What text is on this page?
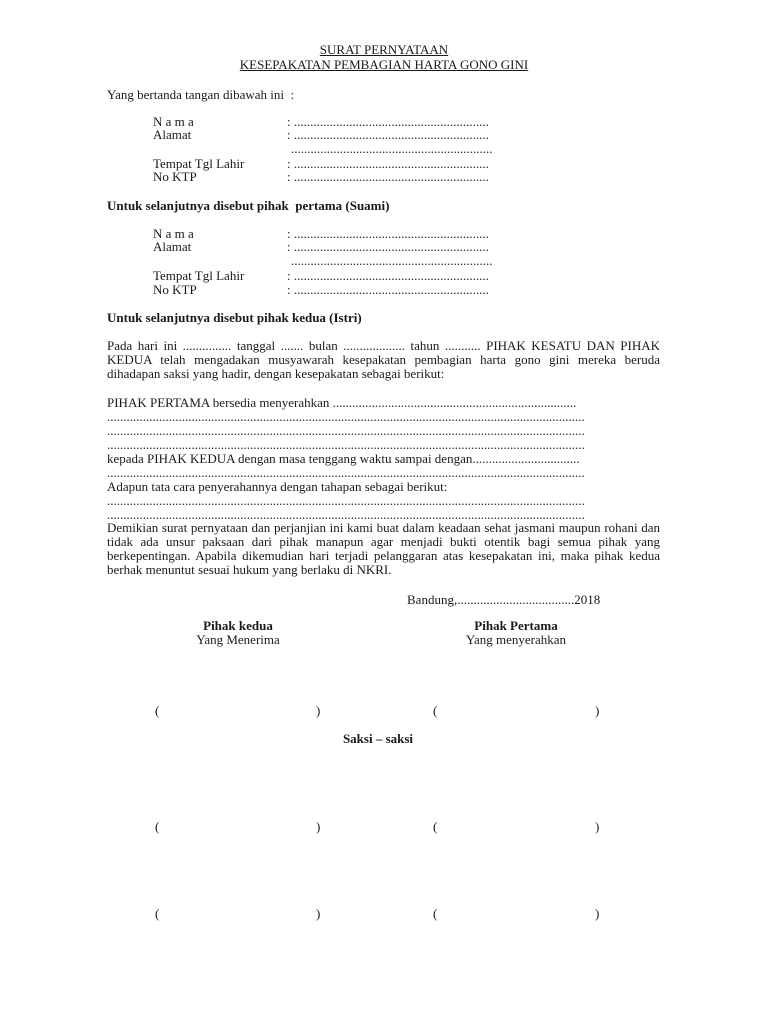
SURAT PERNYATAAN
KESEPAKATAN PEMBAGIAN HARTA GONO GINI
Yang bertanda tangan dibawah ini  :
N a m a	: ............................................................
Alamat	: ............................................................
..............................................................
Tempat Tgl Lahir	: ............................................................
No KTP	: ............................................................
Untuk selanjutnya disebut pihak  pertama (Suami)
N a m a	: ............................................................
Alamat	: ............................................................
..............................................................
Tempat Tgl Lahir	: ............................................................
No KTP	: ............................................................
Untuk selanjutnya disebut pihak kedua (Istri)
Pada hari ini ............... tanggal ....... bulan ................... tahun ........... PIHAK KESATU DAN PIHAK KEDUA telah mengadakan musyawarah kesepakatan pembagian harta gono gini mereka beruda dihadapan saksi yang hadir, dengan kesepakatan sebagai berikut:
PIHAK PERTAMA bersedia menyerahkan ...........................................................................
...................................................................................................................................................
...................................................................................................................................................
...................................................................................................................................................
kepada PIHAK KEDUA dengan masa tenggang waktu sampai dengan.................................
...................................................................................................................................................
Adapun tata cara penyerahannya dengan tahapan sebagai berikut:
...................................................................................................................................................
...................................................................................................................................................
Demikian surat pernyataan dan perjanjian ini kami buat dalam keadaan sehat jasmani maupun rohani dan tidak ada unsur paksaan dari pihak manapun agar menjadi bukti otentik bagi semua pihak yang berkepentingan. Apabila dikemudian hari terjadi pelanggaran atas kesepakatan ini, maka pihak kedua berhak menuntut sesuai hukum yang berlaku di NKRI.
Bandung,....................................2018
Pihak kedua
Yang Menerima
Pihak Pertama
Yang menyerahkan
(	)	(	)
Saksi – saksi
(	)	(	)
(	)	(	)
